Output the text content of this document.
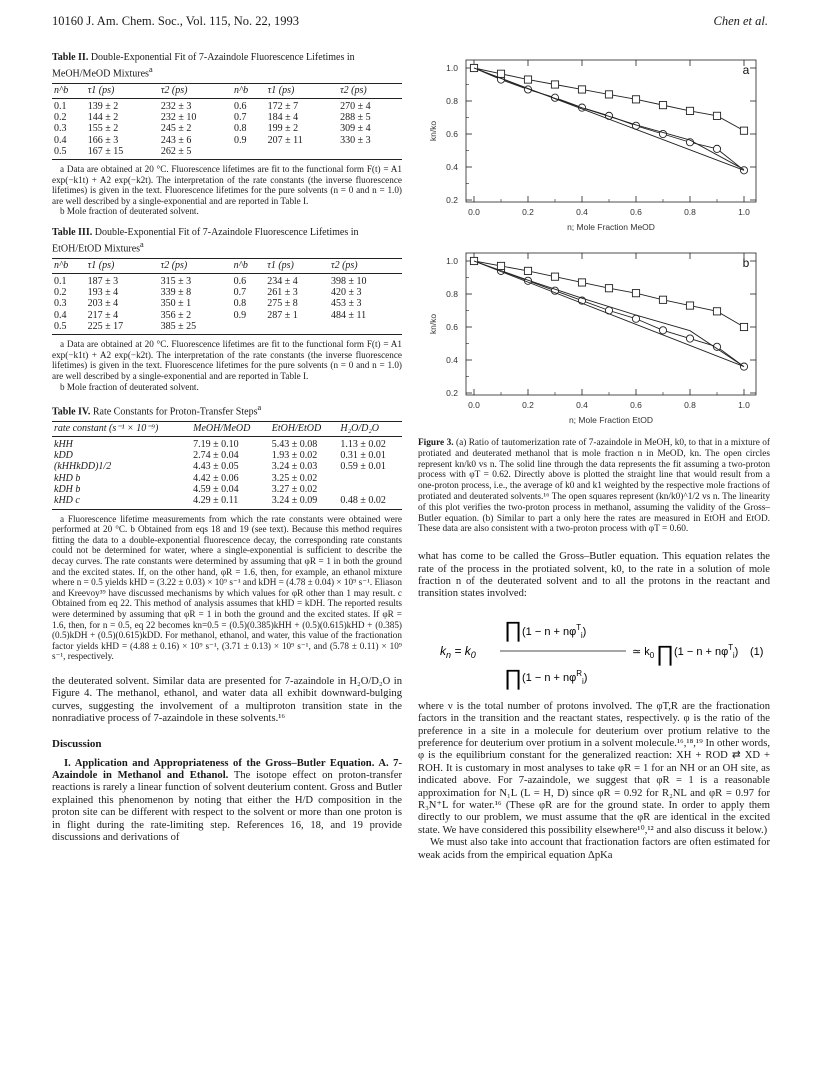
10160 J. Am. Chem. Soc., Vol. 115, No. 22, 1993	Chen et al.
Table II. Double-Exponential Fit of 7-Azaindole Fluorescence Lifetimes in MeOH/MeOD Mixtures$^a$
n^b	τ1 (ps)	τ2 (ps)	n^b	τ1 (ps)	τ2 (ps)
0.1	139 ± 2	232 ± 3	0.6	172 ± 7	270 ± 4
0.2	144 ± 2	232 ± 10	0.7	184 ± 4	288 ± 5
0.3	155 ± 2	245 ± 2	0.8	199 ± 2	309 ± 4
0.4	166 ± 3	243 ± 6	0.9	207 ± 11	330 ± 3
0.5	167 ± 15	262 ± 5			

a Data are obtained at 20 °C. Fluorescence lifetimes are fit to the functional form F(t) = A1 exp(−k1t) + A2 exp(−k2t). The interpretation of the rate constants (the inverse fluorescence lifetimes) is given in the text. Fluorescence lifetimes for the pure solvents (n = 0 and n = 1.0) are well described by a single-exponential and are reported in Table I.

b Mole fraction of deuterated solvent.

Table III. Double-Exponential Fit of 7-Azaindole Fluorescence Lifetimes in EtOH/EtOD Mixtures$^a$
n^b	τ1 (ps)	τ2 (ps)	n^b	τ1 (ps)	τ2 (ps)
0.1	187 ± 3	315 ± 3	0.6	234 ± 4	398 ± 10
0.2	193 ± 4	339 ± 8	0.7	261 ± 3	420 ± 3
0.3	203 ± 4	350 ± 1	0.8	275 ± 8	453 ± 3
0.4	217 ± 4	356 ± 2	0.9	287 ± 1	484 ± 11
0.5	225 ± 17	385 ± 25			

a Data are obtained at 20 °C. Fluorescence lifetimes are fit to the functional form F(t) = A1 exp(−k1t) + A2 exp(−k2t). The interpretation of the rate constants (the inverse fluorescence lifetimes) is given in the text. Fluorescence lifetimes for the pure solvents (n = 0 and n = 1.0) are well described by a single-exponential and are reported in Table I.

b Mole fraction of deuterated solvent.

Table IV. Rate Constants for Proton-Transfer Steps$^a$
rate constant (s⁻¹ × 10⁻⁹)	MeOH/MeOD	EtOH/EtOD	H₂O/D₂O
kHH	7.19 ± 0.10	5.43 ± 0.08	1.13 ± 0.02
kDD	2.74 ± 0.04	1.93 ± 0.02	0.31 ± 0.01
(kHHkDD)1/2	4.43 ± 0.05	3.24 ± 0.03	0.59 ± 0.01
kHD b	4.42 ± 0.06	3.25 ± 0.02	
kDH b	4.59 ± 0.04	3.27 ± 0.02	
kHD c	4.29 ± 0.11	3.24 ± 0.09	0.48 ± 0.02

a Fluorescence lifetime measurements from which the rate constants were obtained were performed at 20 °C. b Obtained from eqs 18 and 19 (see text). Because this method requires fitting the data to a double-exponential fluorescence decay, the corresponding rate constants could not be determined for water, where a single-exponential is sufficient to describe the decay curves. The rate constants were determined by assuming that φR = 1 in both the ground and the excited states. If, on the other hand, φR = 1.6, then, for example, an ethanol mixture where n = 0.5 yields kHD = (3.22 ± 0.03) × 10⁹ s⁻¹ and kDH = (4.78 ± 0.04) × 10⁹ s⁻¹. Eliason and Kreevoy³⁹ have discussed mechanisms by which values for φR other than 1 may result. c Obtained from eq 22. This method of analysis assumes that kHD = kDH. The reported results were determined by assuming that φR = 1 in both the ground and the excited states. If φR = 1.6, then, for n = 0.5, eq 22 becomes kn=0.5 = (0.5)(0.385)kHH + (0.5)(0.615)kHD + (0.385)(0.5)kDH + (0.5)(0.615)kDD. For methanol, ethanol, and water, this value of the fractionation factor yields kHD = (4.88 ± 0.16) × 10⁹ s⁻¹, (3.71 ± 0.13) × 10⁹ s⁻¹, and (5.78 ± 0.11) × 10⁹ s⁻¹, respectively.

the deuterated solvent. Similar data are presented for 7-azaindole in H₂O/D₂O in Figure 4. The methanol, ethanol, and water data all exhibit downward-bulging curves, suggesting the involvement of a multiproton transition state in the nonradiative process of 7-azaindole in these solvents.¹⁶

Discussion

I. Application and Appropriateness of the Gross–Butler Equation. A. 7-Azaindole in Methanol and Ethanol. The isotope effect on proton-transfer reactions is rarely a linear function of solvent deuterium content. Gross and Butler explained this phenomenon by noting that either the H/D composition in the proton site can be different with respect to the solvent or more than one proton is in flight during the rate-limiting step. References 16, 18, and 19 provide discussions and derivations of

0.2
0.4
0.6
0.8
1.0
0.0	0.2	0.4	0.6	0.8	1.0
n; Mole Fraction MeOD
kn/ko
a
0.2
0.4
0.6
0.8
1.0
0.0	0.2	0.4	0.6	0.8	1.0
n; Mole Fraction EtOD
kn/ko
b

Figure 3. (a) Ratio of tautomerization rate of 7-azaindole in MeOH, k0, to that in a mixture of protiated and deuterated methanol that is mole fraction n in MeOD, kn. The open circles represent kn/k0 vs n. The solid line through the data represents the fit assuming a two-proton process with φT = 0.62. Directly above is plotted the straight line that would result from a one-proton process, i.e., the average of k0 and k1 weighted by the respective mole fractions of protiated and deuterated solvents.¹⁶ The open squares represent (kn/k0)^1/2 vs n. The linearity of this plot verifies the two-proton process in methanol, assuming the validity of the Gross–Butler equation. (b) Similar to part a only here the rates are measured in EtOH and EtOD. These data are also consistent with a two-proton process with φT = 0.60.

what has come to be called the Gross–Butler equation. This equation relates the rate of the process in the protiated solvent, k0, to the rate in a solution of mole fraction n of the deuterated solvent and to all the protons in the reactant and transition states involved:

$k_n = k_0$
∏ $(1 - n + n\varphi^T_i)$
∏ $(1 - n + n\varphi^R_i)$
≃ $k_0$ ∏ $(1 - n + n\varphi^T_i)$ (1)

where ν is the total number of protons involved. The φT,R are the fractionation factors in the transition and the reactant states, respectively. φ is the ratio of the preference in a site in a molecule for deuterium over protium relative to the preference for deuterium over protium in a solvent molecule.¹⁶,¹⁸,¹⁹ In other words, φ is the equilibrium constant for the generalized reaction: XH + ROD ⇄ XD + ROH. It is customary in most analyses to take φR = 1 for an NH or an OH site, as indicated above. For 7-azaindole, we suggest that φR = 1 is a reasonable approximation for N₁L (L = H, D) since φR = 0.92 for R₂NL and φR = 0.97 for R₃N⁺L for water.¹⁶ (These φR are for the ground state. In order to apply them directly to our problem, we must assume that the φR are identical in the excited state. We have considered this possibility elsewhere¹⁰,¹² and also discuss it below.)

We must also take into account that fractionation factors are often estimated for weak acids from the empirical equation ΔpKa
